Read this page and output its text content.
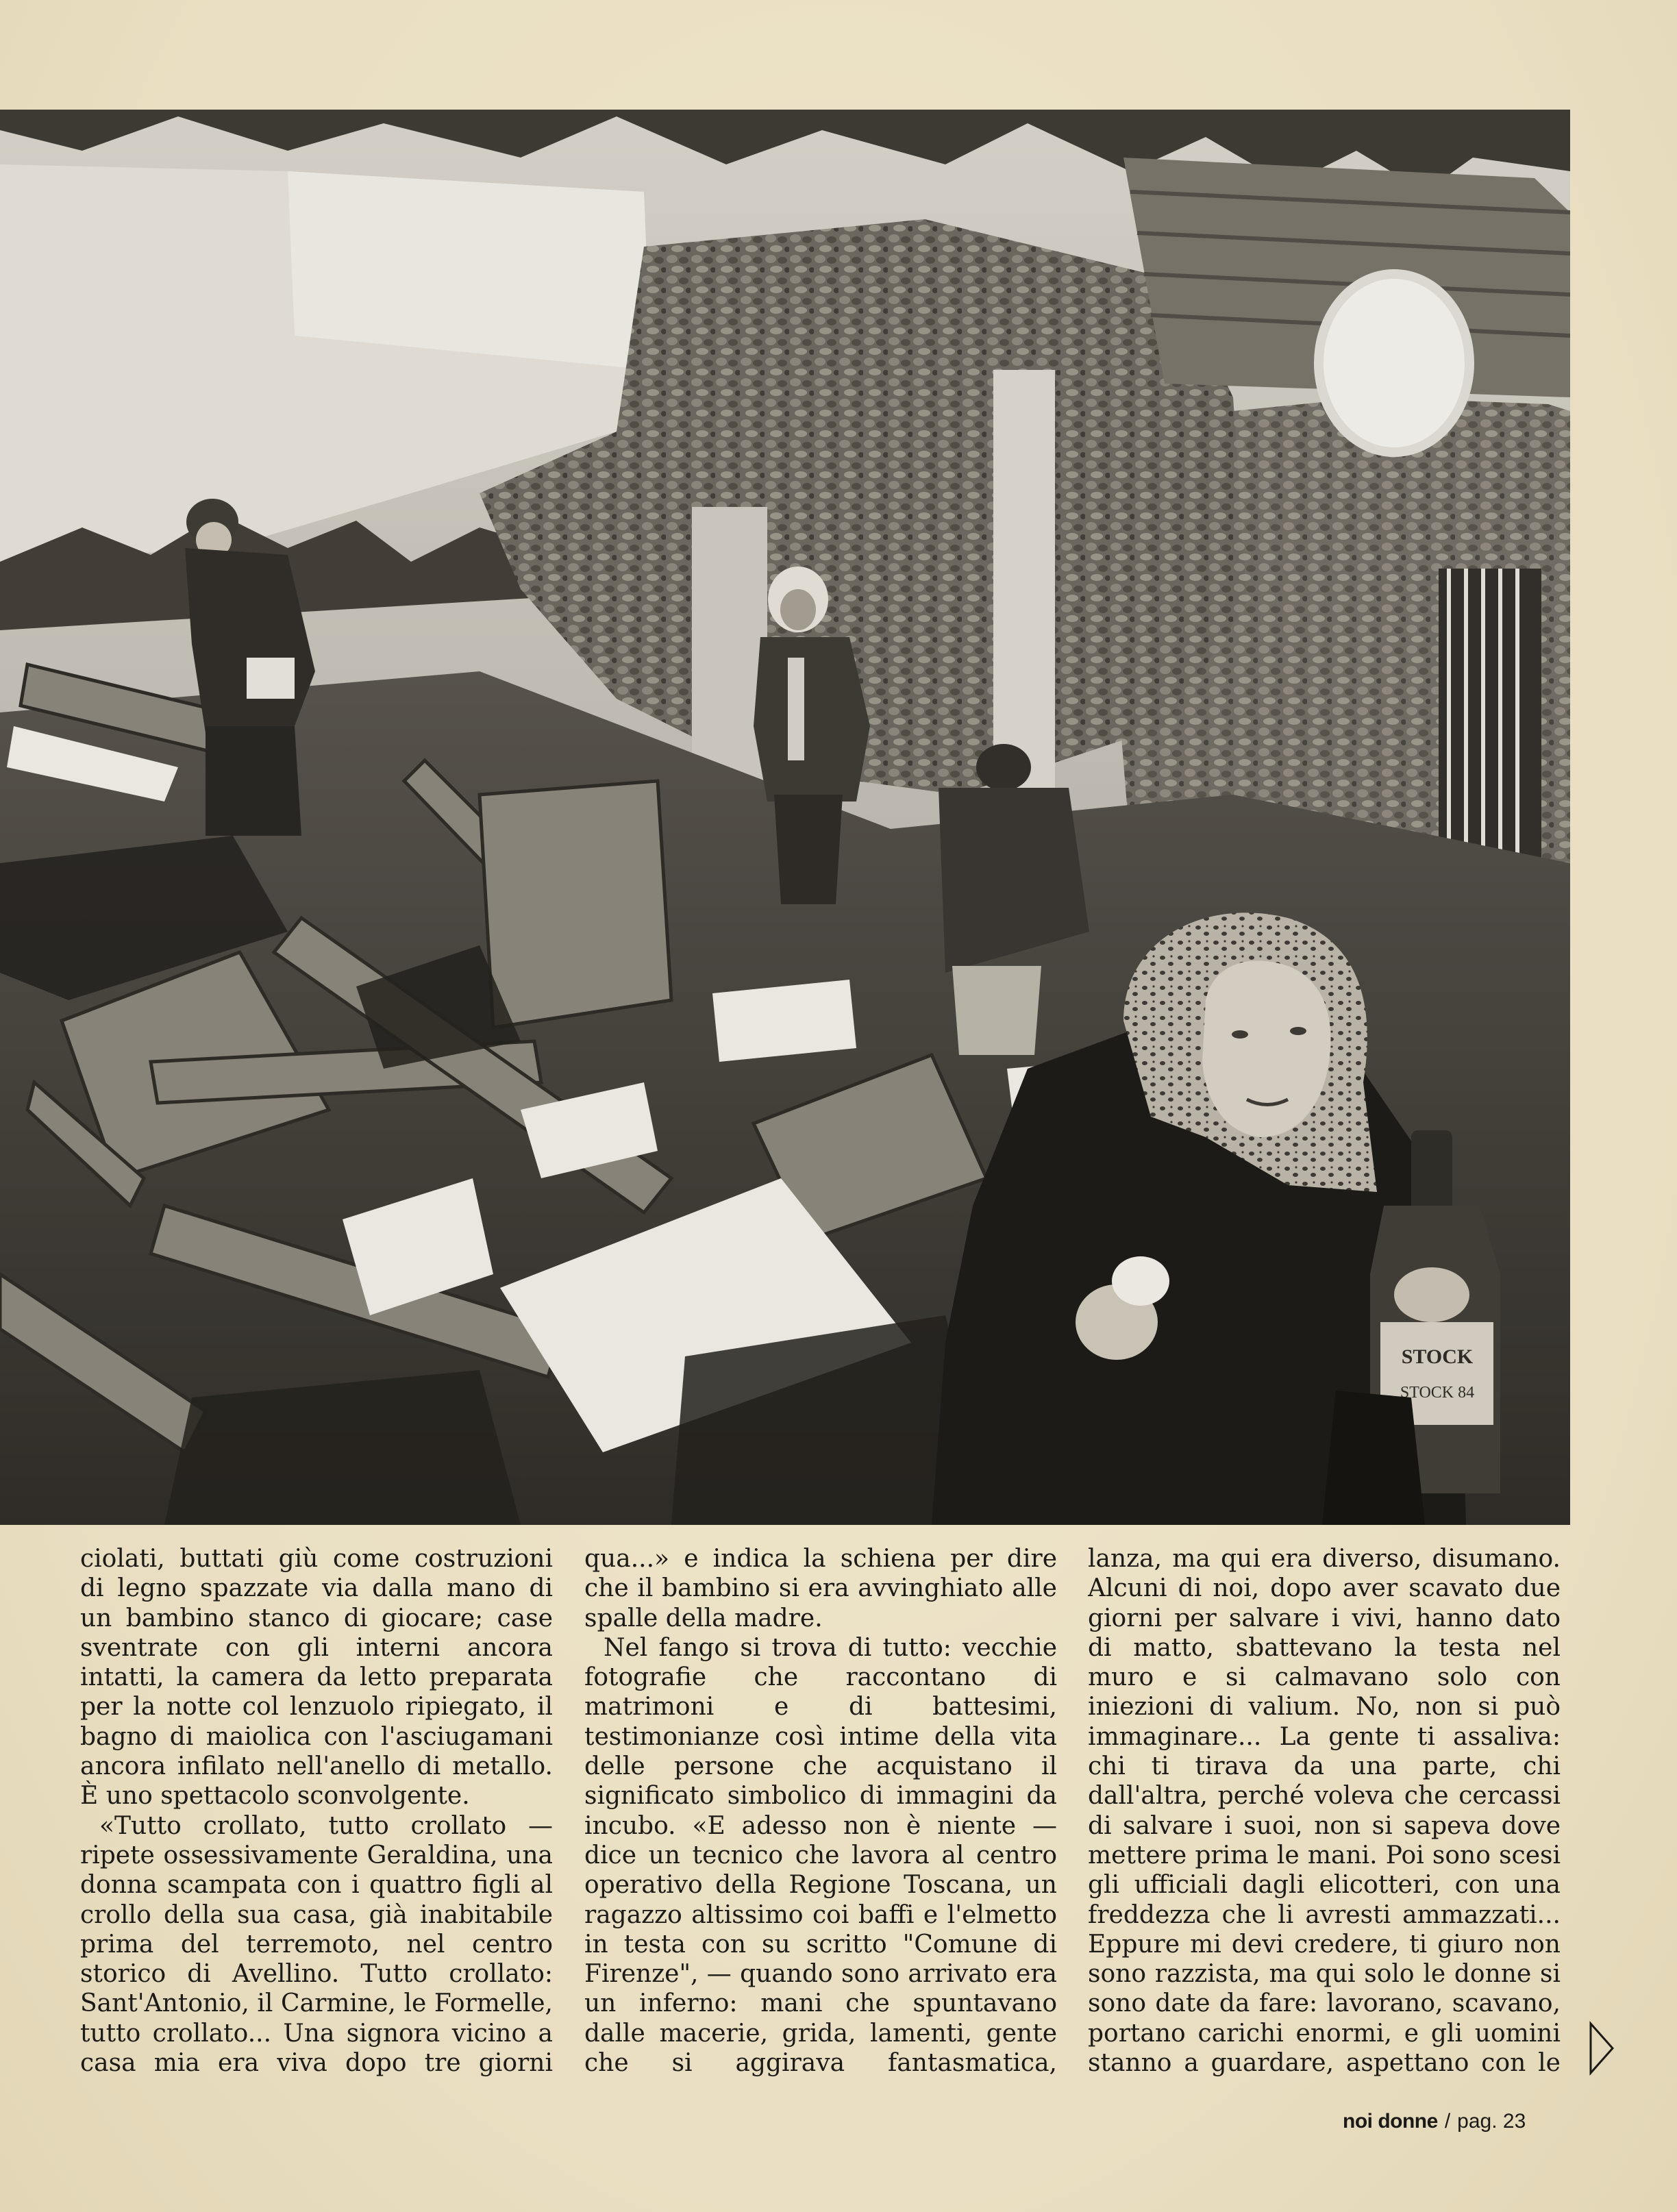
STOCK
STOCK 84

ciolati, buttati giù come costruzioni di legno spazzate via dalla mano di un bambino stanco di giocare; case sventrate con gli interni ancora intatti, la camera da letto preparata per la notte col lenzuolo ripiegato, il bagno di maiolica con l'asciugamani ancora infilato nell'anello di metallo. È uno spettacolo sconvolgente.

«Tutto crollato, tutto crollato — ripete ossessivamente Geraldina, una donna scampata con i quattro figli al crollo della sua casa, già inabitabile prima del terremoto, nel centro storico di Avellino. Tutto crollato: Sant'Antonio, il Carmine, le Formelle, tutto crollato... Una signora vicino a casa mia era viva dopo tre giorni

qua...» e indica la schiena per dire che il bambino si era avvinghiato alle spalle della madre.

Nel fango si trova di tutto: vecchie fotografie che raccontano di matrimoni e di battesimi, testimonianze così intime della vita delle persone che acquistano il significato simbolico di immagini da incubo. «E adesso non è niente — dice un tecnico che lavora al centro operativo della Regione Toscana, un ragazzo altissimo coi baffi e l'elmetto in testa con su scritto "Comune di Firenze", — quando sono arrivato era un inferno: mani che spuntavano dalle macerie, grida, lamenti, gente che si aggirava fantasmatica,

lanza, ma qui era diverso, disumano. Alcuni di noi, dopo aver scavato due giorni per salvare i vivi, hanno dato di matto, sbattevano la testa nel muro e si calmavano solo con iniezioni di valium. No, non si può immaginare... La gente ti assaliva: chi ti tirava da una parte, chi dall'altra, perché voleva che cercassi di salvare i suoi, non si sapeva dove mettere prima le mani. Poi sono scesi gli ufficiali dagli elicotteri, con una freddezza che li avresti ammazzati... Eppure mi devi credere, ti giuro non sono razzista, ma qui solo le donne si sono date da fare: lavorano, scavano, portano carichi enormi, e gli uomini stanno a guardare, aspettano con le

noi donne / pag. 23
